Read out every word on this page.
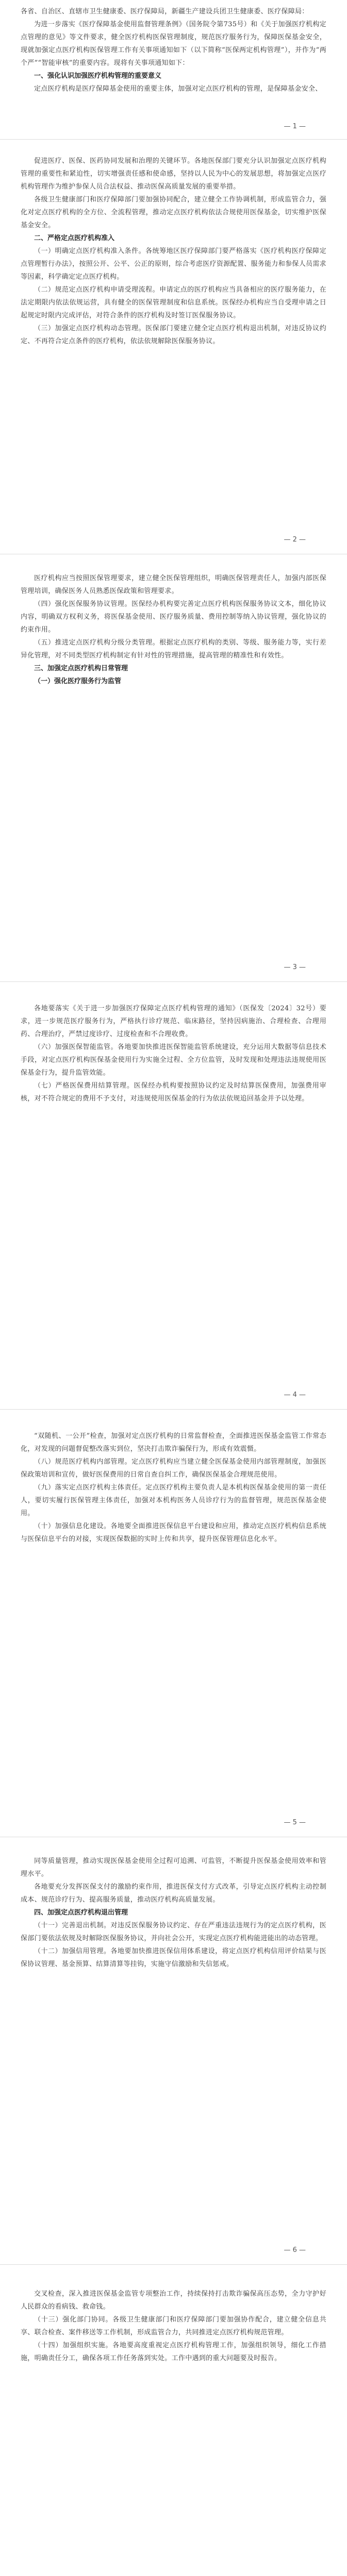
各省、自治区、直辖市卫生健康委、医疗保障局，新疆生产建设兵团卫生健康委、医疗保障局：

为进一步落实《医疗保障基金使用监督管理条例》（国务院令第735号）和《关于加强医疗机构定点管理的意见》等文件要求，健全医疗机构医保管理制度，规范医疗服务行为，保障医保基金安全，现就加强定点医疗机构医保管理工作有关事项通知如下（以下简称“医保两定机构管理”），并作为“两个严”“智能审核”的重要内容。现将有关事项通知如下：

一、强化认识加强医疗机构管理的重要意义

定点医疗机构是医疗保障基金使用的重要主体，加强对定点医疗机构的管理，是保障基金安全、

— 1 —

促进医疗、医保、医药协同发展和治理的关键环节。各地医保部门要充分认识加强定点医疗机构管理的重要性和紧迫性，切实增强责任感和使命感，坚持以人民为中心的发展思想，将加强定点医疗机构管理作为维护参保人员合法权益、推动医保高质量发展的重要举措。

各级卫生健康部门和医疗保障部门要加强协同配合，建立健全工作协调机制，形成监管合力，强化对定点医疗机构的全方位、全流程管理，推动定点医疗机构依法合规使用医保基金，切实维护医保基金安全。

二、严格定点医疗机构准入

（一）明确定点医疗机构准入条件。各统筹地区医疗保障部门要严格落实《医疗机构医疗保障定点管理暂行办法》，按照公开、公平、公正的原则，综合考虑医疗资源配置、服务能力和参保人员需求等因素，科学确定定点医疗机构。

（二）规范定点医疗机构申请受理流程。申请定点的医疗机构应当具备相应的医疗服务能力，在法定期限内依法依规运营，具有健全的医保管理制度和信息系统。医保经办机构应当自受理申请之日起规定时限内完成评估，对符合条件的医疗机构及时签订医保服务协议。

（三）加强定点医疗机构动态管理。医保部门要建立健全定点医疗机构退出机制，对违反协议约定、不再符合定点条件的医疗机构，依法依规解除医保服务协议。

— 2 —

医疗机构应当按照医保管理要求，建立健全医保管理组织，明确医保管理责任人，加强内部医保管理培训，确保医务人员熟悉医保政策和管理要求。

（四）强化医保服务协议管理。医保经办机构要完善定点医疗机构医保服务协议文本，细化协议内容，明确双方权利义务，将医保基金使用、医疗服务质量、费用控制等纳入协议管理，强化协议的约束作用。

（五）推进定点医疗机构分级分类管理。根据定点医疗机构的类别、等级、服务能力等，实行差异化管理，对不同类型医疗机构制定有针对性的管理措施，提高管理的精准性和有效性。

三、加强定点医疗机构日常管理
（一）强化医疗服务行为监管
— 3 —

各地要落实《关于进一步加强医疗保障定点医疗机构管理的通知》（医保发〔2024〕32号）要求，进一步规范医疗服务行为，严格执行诊疗规范、临床路径，坚持因病施治、合理检查、合理用药、合理治疗，严禁过度诊疗、过度检查和不合理收费。

（六）加强医保智能监管。各地要加快推进医保智能监管系统建设，充分运用大数据等信息技术手段，对定点医疗机构医保基金使用行为实施全过程、全方位监管，及时发现和处理违法违规使用医保基金行为，提升监管效能。

（七）严格医保费用结算管理。医保经办机构要按照协议约定及时结算医保费用，加强费用审核，对不符合规定的费用不予支付，对违规使用医保基金的行为依法依规追回基金并予以处理。

— 4 —

“双随机、一公开”检查，加强对定点医疗机构的日常监督检查，全面推进医保基金监管工作常态化，对发现的问题督促整改落实到位，坚决打击欺诈骗保行为，形成有效震慑。

（八）规范医疗机构内部管理。定点医疗机构应当建立健全医保基金使用内部管理制度，加强医保政策培训和宣传，做好医保费用的日常自查自纠工作，确保医保基金合理规范使用。

（九）落实定点医疗机构主体责任。定点医疗机构主要负责人是本机构医保基金使用的第一责任人，要切实履行医保管理主体责任，加强对本机构医务人员诊疗行为的监督管理，规范医保基金使用。

（十）加强信息化建设。各地要全面推进医保信息平台建设和应用，推动定点医疗机构信息系统与医保信息平台的对接，实现医保数据的实时上传和共享，提升医保管理信息化水平。

— 5 —

同等质量管理，推动实现医保基金使用全过程可追溯、可监管，不断提升医保基金使用效率和管理水平。

各地要充分发挥医保支付的激励约束作用，推进医保支付方式改革，引导定点医疗机构主动控制成本、规范诊疗行为、提高服务质量，推动医疗机构高质量发展。

四、加强定点医疗机构退出管理

（十一）完善退出机制。对违反医保服务协议约定、存在严重违法违规行为的定点医疗机构，医保部门要依法依规及时解除医保服务协议，并向社会公开，实现定点医疗机构能进能出的动态管理。

（十二）加强信用管理。各地要加快推进医保信用体系建设，将定点医疗机构信用评价结果与医保协议管理、基金预算、结算清算等挂钩，实施守信激励和失信惩戒。

— 6 —

交叉检查，深入推进医保基金监管专项整治工作，持续保持打击欺诈骗保高压态势，全力守护好人民群众的看病钱、救命钱。

（十三）强化部门协同。各级卫生健康部门和医疗保障部门要加强协作配合，建立健全信息共享、联合检查、案件移送等工作机制，形成监管合力，共同推进定点医疗机构规范管理。

（十四）加强组织实施。各地要高度重视定点医疗机构管理工作，加强组织领导，细化工作措施，明确责任分工，确保各项工作任务落到实处。工作中遇到的重大问题要及时报告。
